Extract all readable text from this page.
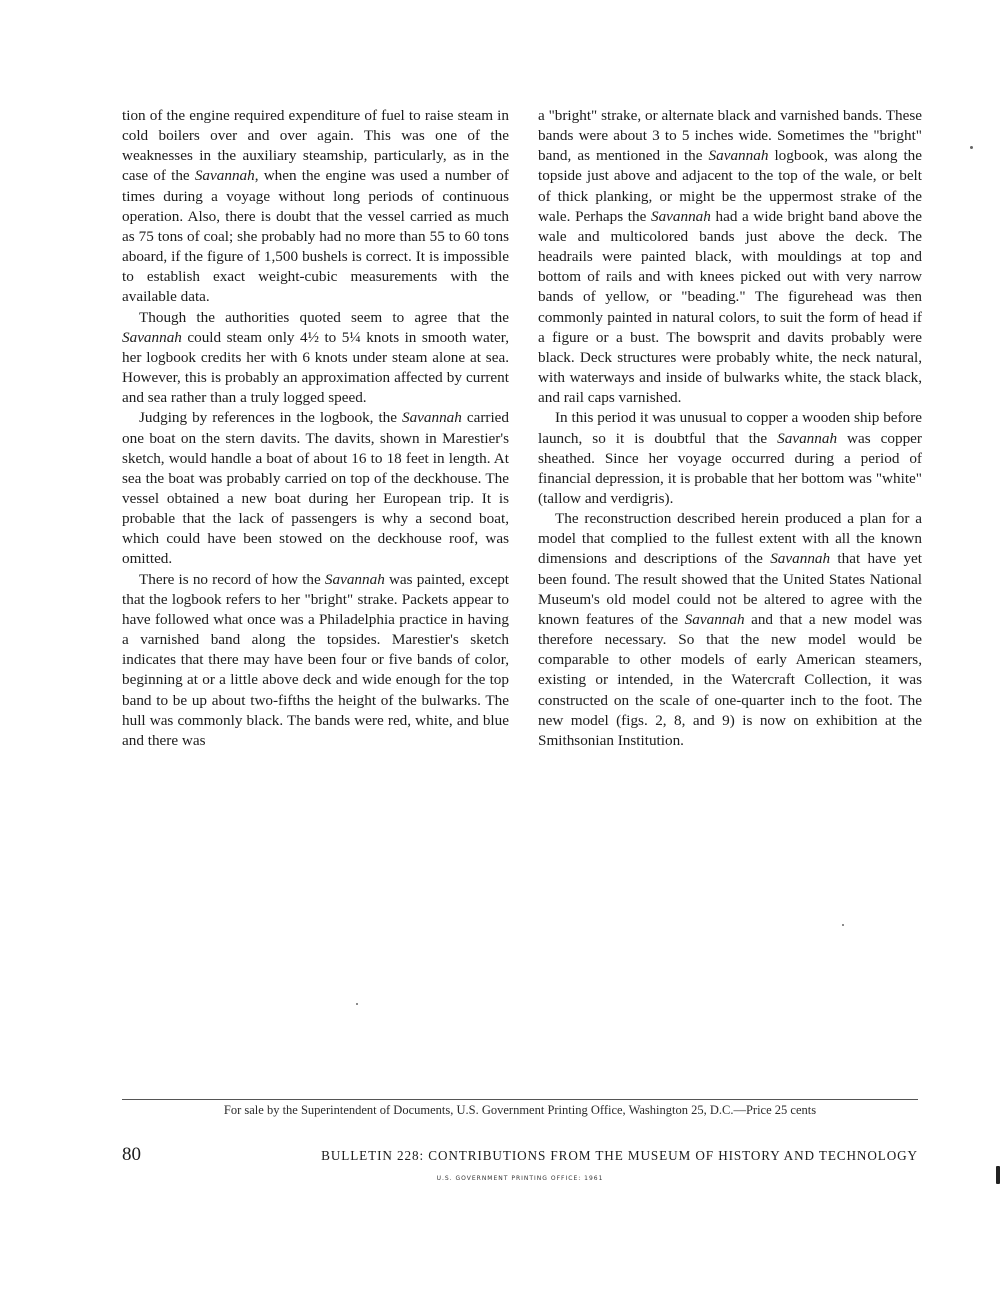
tion of the engine required expenditure of fuel to raise steam in cold boilers over and over again. This was one of the weaknesses in the auxiliary steamship, particularly, as in the case of the Savannah, when the engine was used a number of times during a voyage without long periods of continuous operation. Also, there is doubt that the vessel carried as much as 75 tons of coal; she probably had no more than 55 to 60 tons aboard, if the figure of 1,500 bushels is correct. It is impossible to establish exact weight-cubic measurements with the available data.

Though the authorities quoted seem to agree that the Savannah could steam only 4½ to 5¼ knots in smooth water, her logbook credits her with 6 knots under steam alone at sea. However, this is probably an approximation affected by current and sea rather than a truly logged speed.

Judging by references in the logbook, the Savannah carried one boat on the stern davits. The davits, shown in Marestier's sketch, would handle a boat of about 16 to 18 feet in length. At sea the boat was probably carried on top of the deckhouse. The vessel obtained a new boat during her European trip. It is probable that the lack of passengers is why a second boat, which could have been stowed on the deckhouse roof, was omitted.

There is no record of how the Savannah was painted, except that the logbook refers to her "bright" strake. Packets appear to have followed what once was a Philadelphia practice in having a varnished band along the topsides. Marestier's sketch indicates that there may have been four or five bands of color, beginning at or a little above deck and wide enough for the top band to be up about two-fifths the height of the bulwarks. The hull was commonly black. The bands were red, white, and blue and there was

a "bright" strake, or alternate black and varnished bands. These bands were about 3 to 5 inches wide. Sometimes the "bright" band, as mentioned in the Savannah logbook, was along the topside just above and adjacent to the top of the wale, or belt of thick planking, or might be the uppermost strake of the wale. Perhaps the Savannah had a wide bright band above the wale and multicolored bands just above the deck. The headrails were painted black, with mouldings at top and bottom of rails and with knees picked out with very narrow bands of yellow, or "beading." The figurehead was then commonly painted in natural colors, to suit the form of head if a figure or a bust. The bowsprit and davits probably were black. Deck structures were probably white, the neck natural, with waterways and inside of bulwarks white, the stack black, and rail caps varnished.

In this period it was unusual to copper a wooden ship before launch, so it is doubtful that the Savannah was copper sheathed. Since her voyage occurred during a period of financial depression, it is probable that her bottom was "white" (tallow and verdigris).

The reconstruction described herein produced a plan for a model that complied to the fullest extent with all the known dimensions and descriptions of the Savannah that have yet been found. The result showed that the United States National Museum's old model could not be altered to agree with the known features of the Savannah and that a new model was therefore necessary. So that the new model would be comparable to other models of early American steamers, existing or intended, in the Watercraft Collection, it was constructed on the scale of one-quarter inch to the foot. The new model (figs. 2, 8, and 9) is now on exhibition at the Smithsonian Institution.

For sale by the Superintendent of Documents, U.S. Government Printing Office, Washington 25, D.C.—Price 25 cents
80	BULLETIN 228: CONTRIBUTIONS FROM THE MUSEUM OF HISTORY AND TECHNOLOGY
U.S. GOVERNMENT PRINTING OFFICE: 1961
